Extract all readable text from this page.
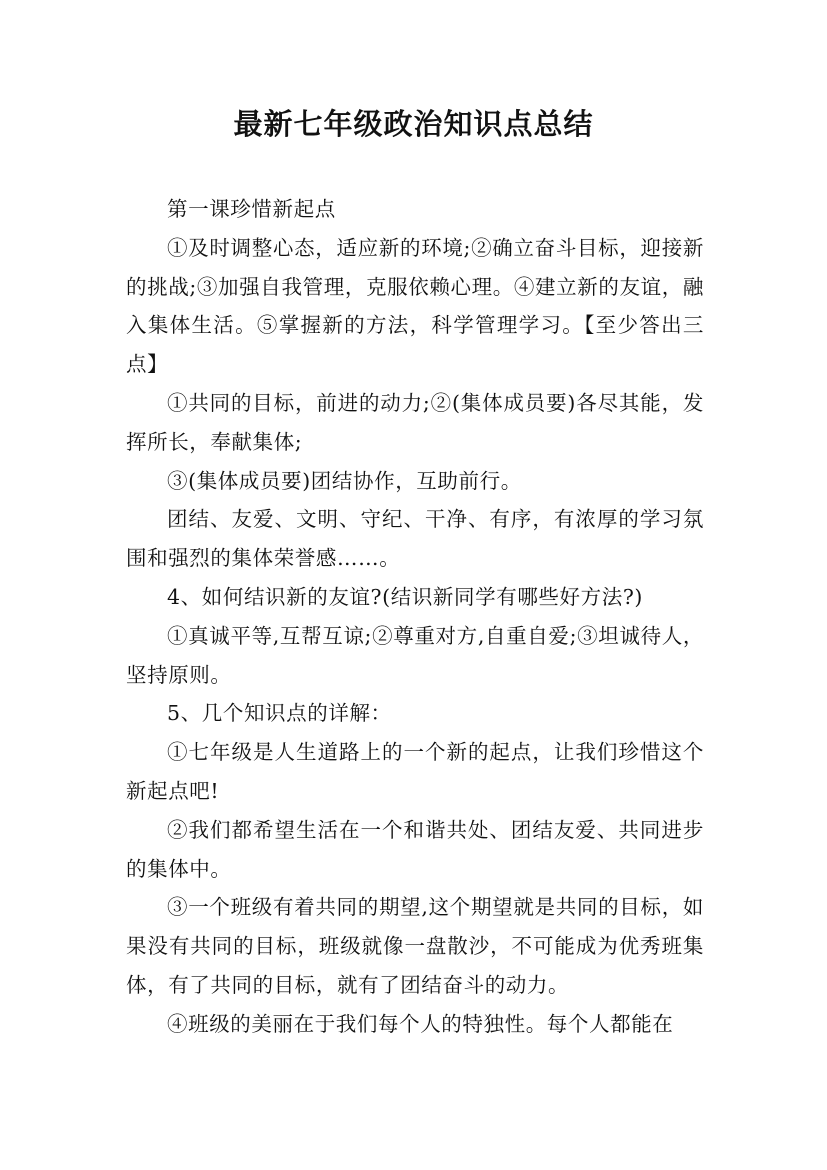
最新七年级政治知识点总结

第一课珍惜新起点

①及时调整心态，适应新的环境;②确立奋斗目标，迎接新的挑战;③加强自我管理，克服依赖心理。④建立新的友谊，融入集体生活。⑤掌握新的方法，科学管理学习。【至少答出三点】

①共同的目标，前进的动力;②(集体成员要)各尽其能，发挥所长，奉献集体;

③(集体成员要)团结协作，互助前行。

团结、友爱、文明、守纪、干净、有序，有浓厚的学习氛围和强烈的集体荣誉感……。

4、如何结识新的友谊?(结识新同学有哪些好方法?)

①真诚平等,互帮互谅;②尊重对方,自重自爱;③坦诚待人，坚持原则。

5、几个知识点的详解：

①七年级是人生道路上的一个新的起点，让我们珍惜这个新起点吧!

②我们都希望生活在一个和谐共处、团结友爱、共同进步的集体中。

③一个班级有着共同的期望,这个期望就是共同的目标，如果没有共同的目标，班级就像一盘散沙，不可能成为优秀班集体，有了共同的目标，就有了团结奋斗的动力。

④班级的美丽在于我们每个人的特独性。每个人都能在
